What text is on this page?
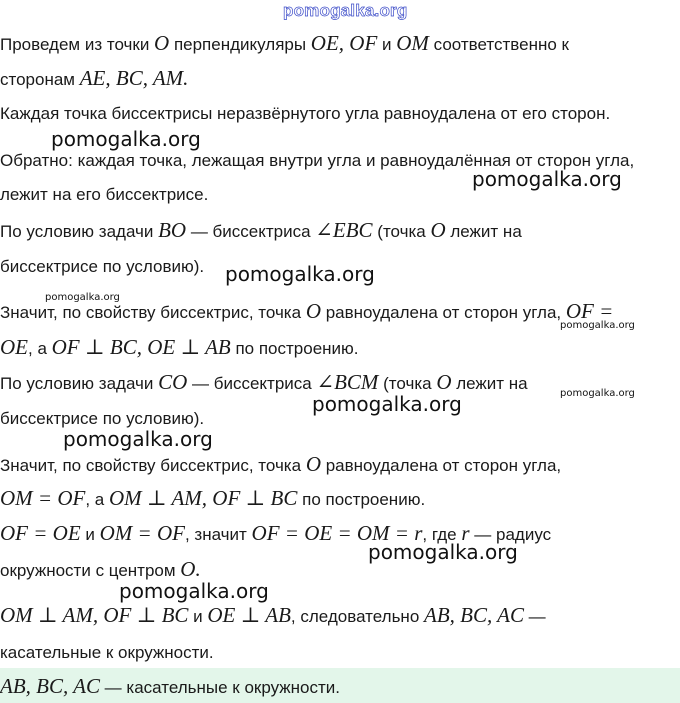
pomogalka.org
Проведем из точки O перпендикуляры OE, OF и OM соответственно к
сторонам AE, BC, AM.
Каждая точка биссектрисы неразвёрнутого угла равноудалена от его сторон.
Обратно: каждая точка, лежащая внутри угла и равноудалённая от сторон угла,
лежит на его биссектрисе.
По условию задачи BO — биссектриса ∠EBC (точка O лежит на
биссектрисе по условию).
Значит, по свойству биссектрис, точка O равноудалена от сторон угла, OF =
OE, а OF ⊥ BC, OE ⊥ AB по построению.
По условию задачи CO — биссектриса ∠BCM (точка O лежит на
биссектрисе по условию).
Значит, по свойству биссектрис, точка O равноудалена от сторон угла,
OM = OF, а OM ⊥ AM, OF ⊥ BC по построению.
OF = OE и OM = OF, значит OF = OE = OM = r, где r — радиус
окружности с центром O.
OM ⊥ AM, OF ⊥ BC и OE ⊥ AB, следовательно AB, BC, AC —
касательные к окружности.
AB, BC, AC — касательные к окружности.
pomogalka.org
pomogalka.org
pomogalka.org
pomogalka.org
pomogalka.org
pomogalka.org	pomogalka.org
pomogalka.org
pomogalka.org
pomogalka.org
